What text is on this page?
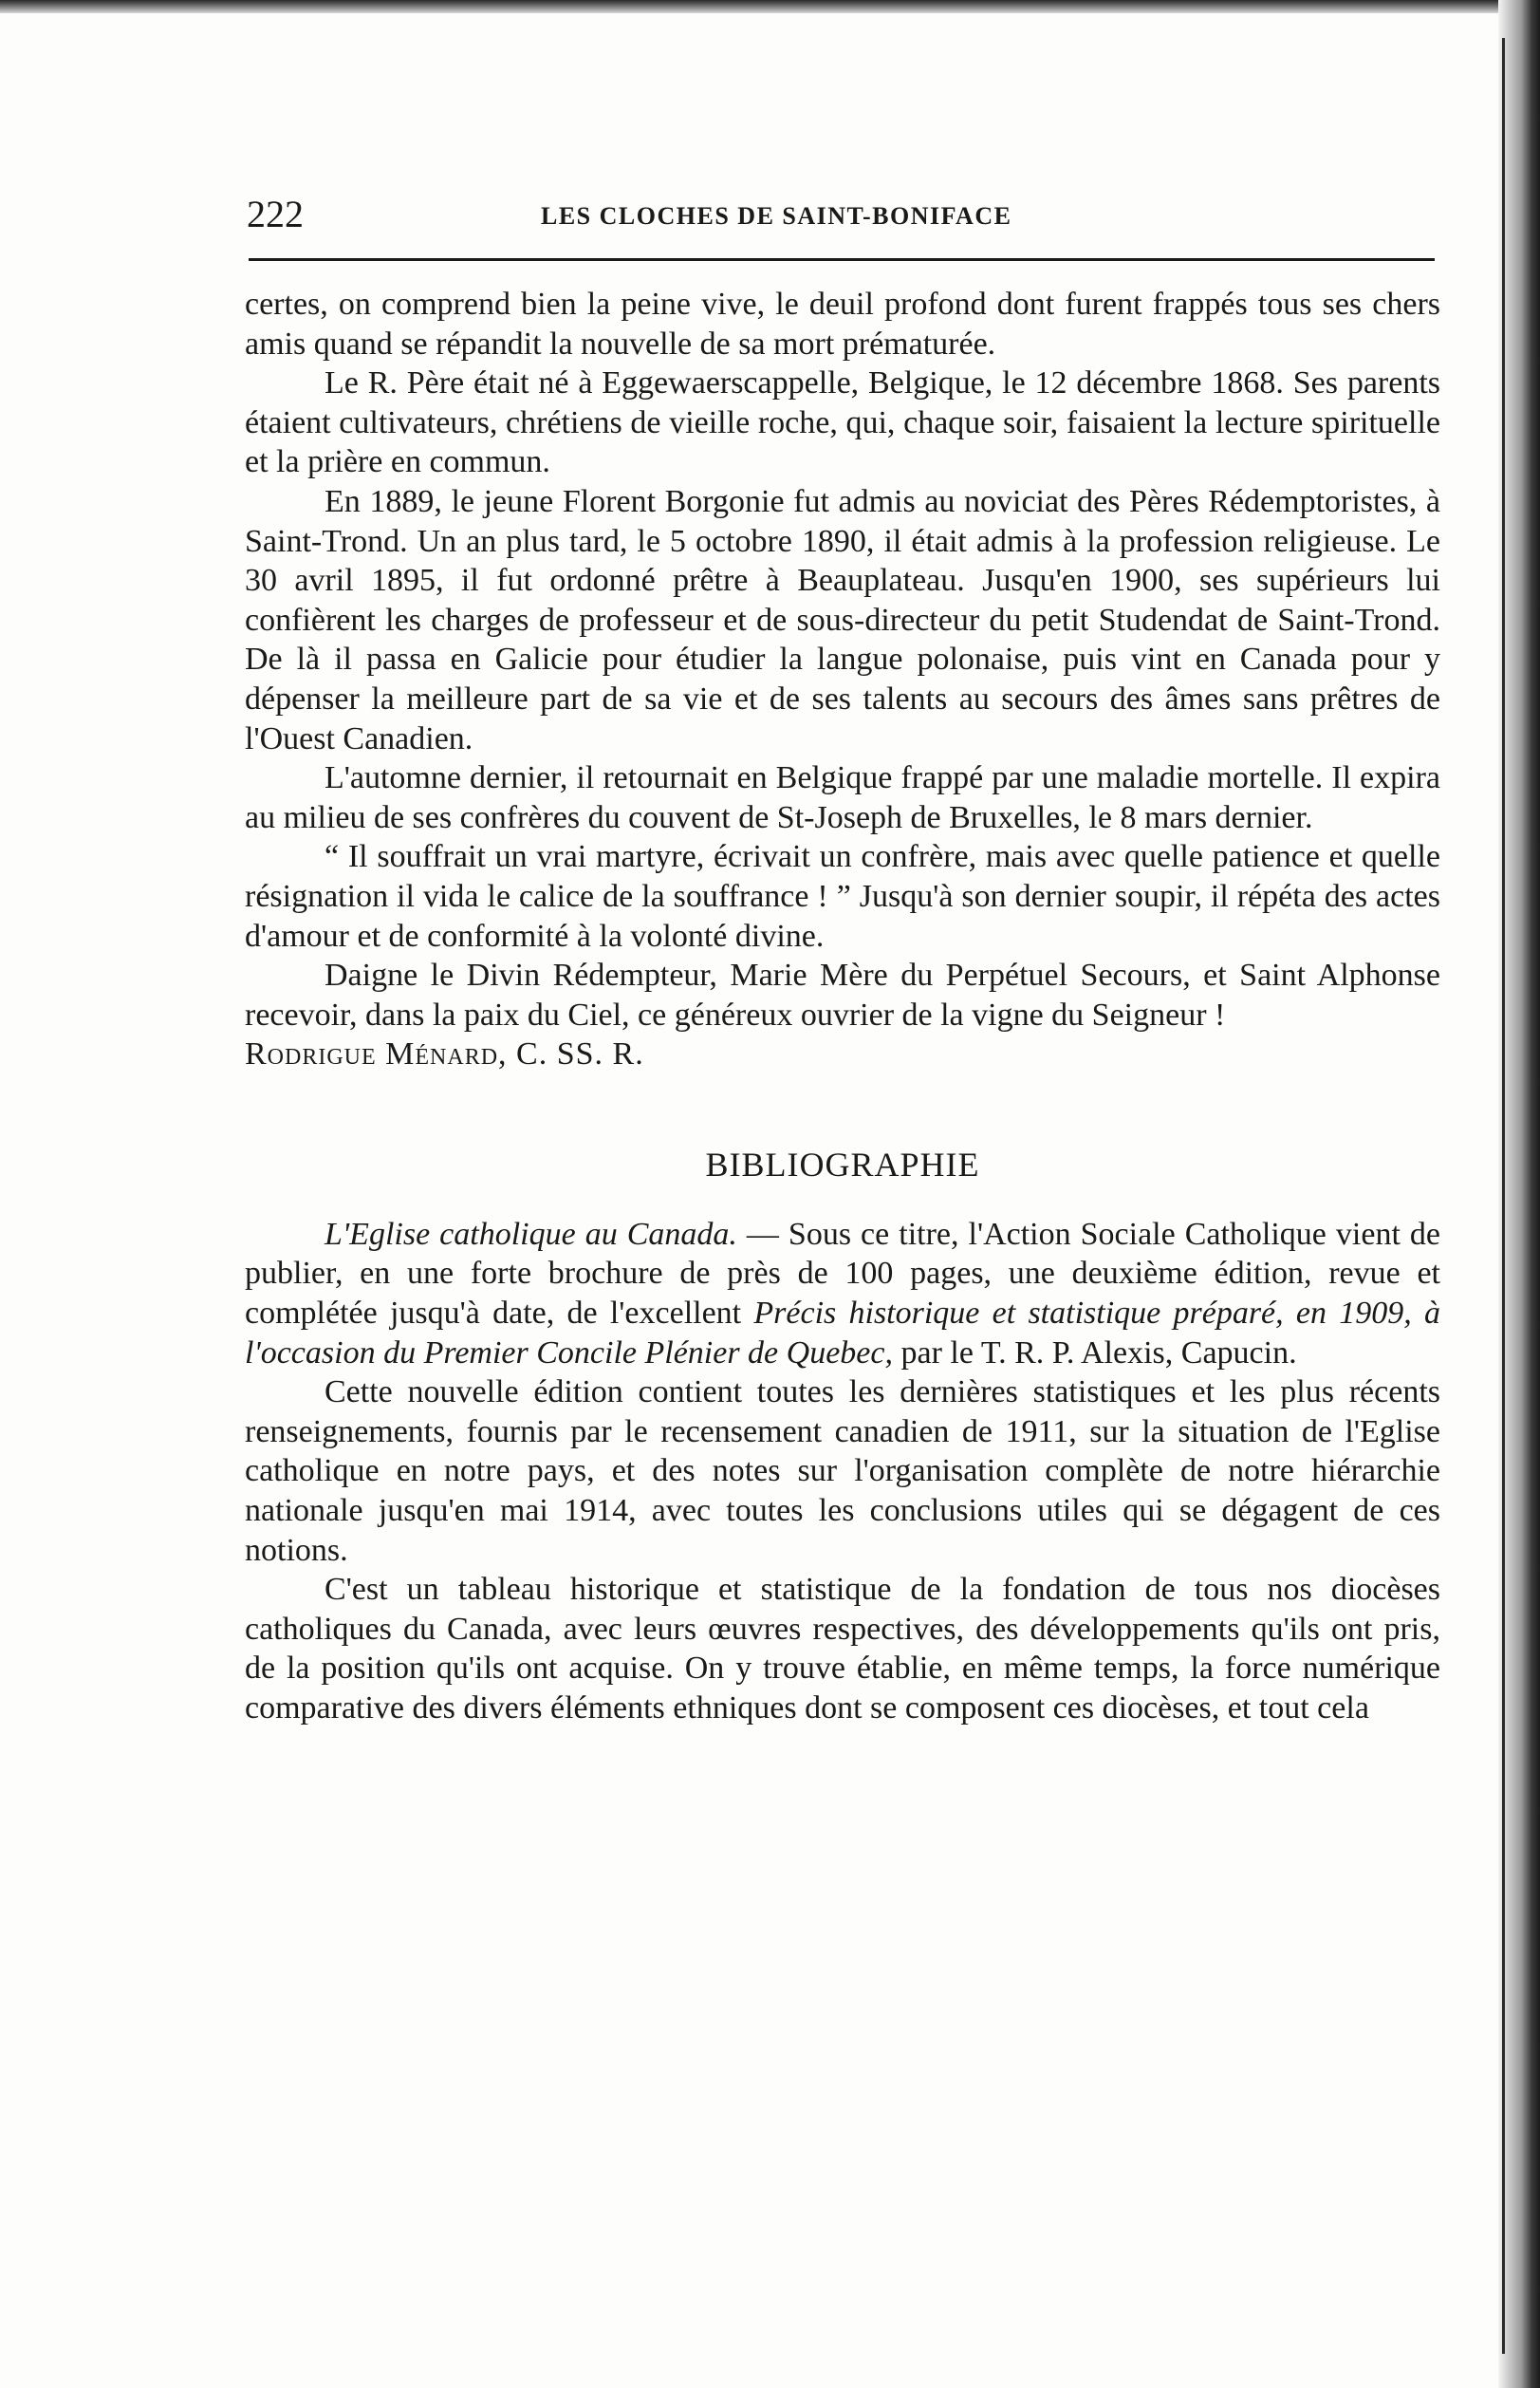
222	LES CLOCHES DE SAINT-BONIFACE

certes, on comprend bien la peine vive, le deuil profond dont furent frappés tous ses chers amis quand se répandit la nouvelle de sa mort prématurée.

Le R. Père était né à Eggewaerscappelle, Belgique, le 12 décembre 1868. Ses parents étaient cultivateurs, chrétiens de vieille roche, qui, chaque soir, faisaient la lecture spirituelle et la prière en commun.

En 1889, le jeune Florent Borgonie fut admis au noviciat des Pères Rédemptoristes, à Saint-Trond. Un an plus tard, le 5 octobre 1890, il était admis à la profession religieuse. Le 30 avril 1895, il fut ordonné prêtre à Beauplateau. Jusqu'en 1900, ses supérieurs lui confièrent les charges de professeur et de sous-directeur du petit Studendat de Saint-Trond. De là il passa en Galicie pour étudier la langue polonaise, puis vint en Canada pour y dépenser la meilleure part de sa vie et de ses talents au secours des âmes sans prêtres de l'Ouest Canadien.

L'automne dernier, il retournait en Belgique frappé par une maladie mortelle. Il expira au milieu de ses confrères du couvent de St-Joseph de Bruxelles, le 8 mars dernier.

“ Il souffrait un vrai martyre, écrivait un confrère, mais avec quelle patience et quelle résignation il vida le calice de la souffrance ! ” Jusqu'à son dernier soupir, il répéta des actes d'amour et de conformité à la volonté divine.

Daigne le Divin Rédempteur, Marie Mère du Perpétuel Secours, et Saint Alphonse recevoir, dans la paix du Ciel, ce généreux ouvrier de la vigne du Seigneur !

Rodrigue Ménard, C. SS. R.

BIBLIOGRAPHIE

L'Eglise catholique au Canada. — Sous ce titre, l'Action Sociale Catholique vient de publier, en une forte brochure de près de 100 pages, une deuxième édition, revue et complétée jusqu'à date, de l'excellent Précis historique et statistique préparé, en 1909, à l'occasion du Premier Concile Plénier de Quebec, par le T. R. P. Alexis, Capucin.

Cette nouvelle édition contient toutes les dernières statistiques et les plus récents renseignements, fournis par le recensement canadien de 1911, sur la situation de l'Eglise catholique en notre pays, et des notes sur l'organisation complète de notre hiérarchie nationale jusqu'en mai 1914, avec toutes les conclusions utiles qui se dégagent de ces notions.

C'est un tableau historique et statistique de la fondation de tous nos diocèses catholiques du Canada, avec leurs œuvres respectives, des développements qu'ils ont pris, de la position qu'ils ont acquise. On y trouve établie, en même temps, la force numérique comparative des divers éléments ethniques dont se composent ces diocèses, et tout cela
